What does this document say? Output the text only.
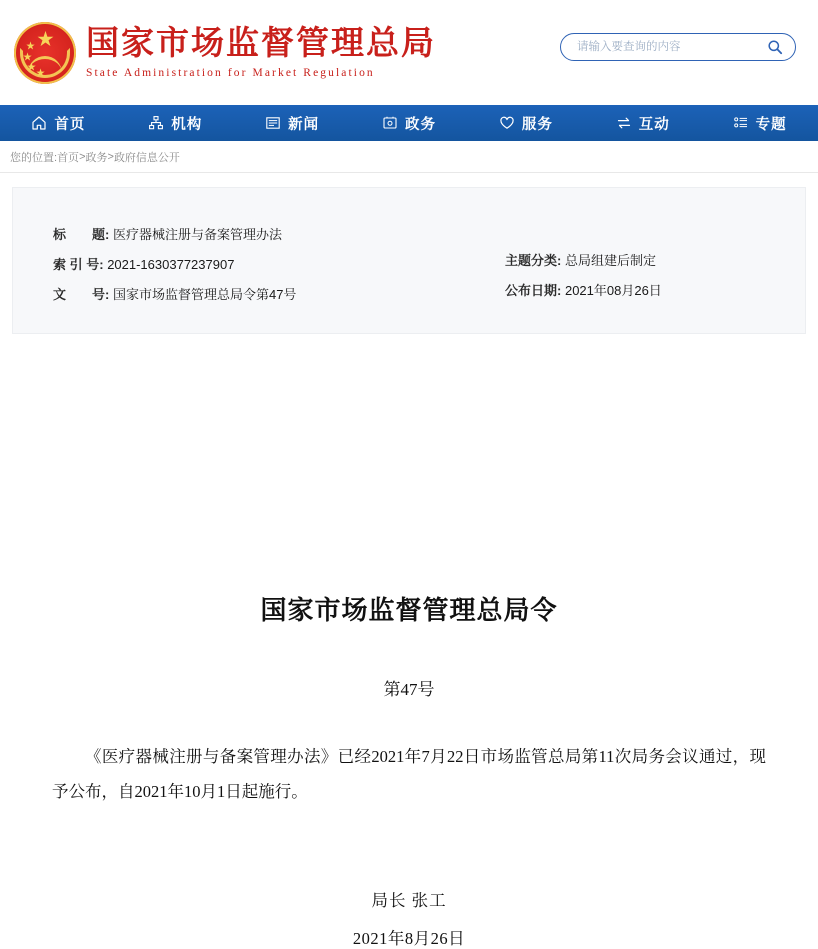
★
★
★
★
★
国家市场监督管理总局
State Administration for Market Regulation
请输入要查询的内容
首页	机构	新闻	政务	服务	互动	专题
您的位置: 首页 > 政务 > 政府信息公开
标　　题: 医疗器械注册与备案管理办法
索 引 号: 2021-1630377237907
文　　号: 国家市场监督管理总局令第47号

主题分类: 总局组建后制定
公布日期: 2021年08月26日
国家市场监督管理总局令
第47号
《医疗器械注册与备案管理办法》已经2021年7月22日市场监管总局第11次局务会议通过，现予公布，自2021年10月1日起施行。
局长 张工
2021年8月26日
